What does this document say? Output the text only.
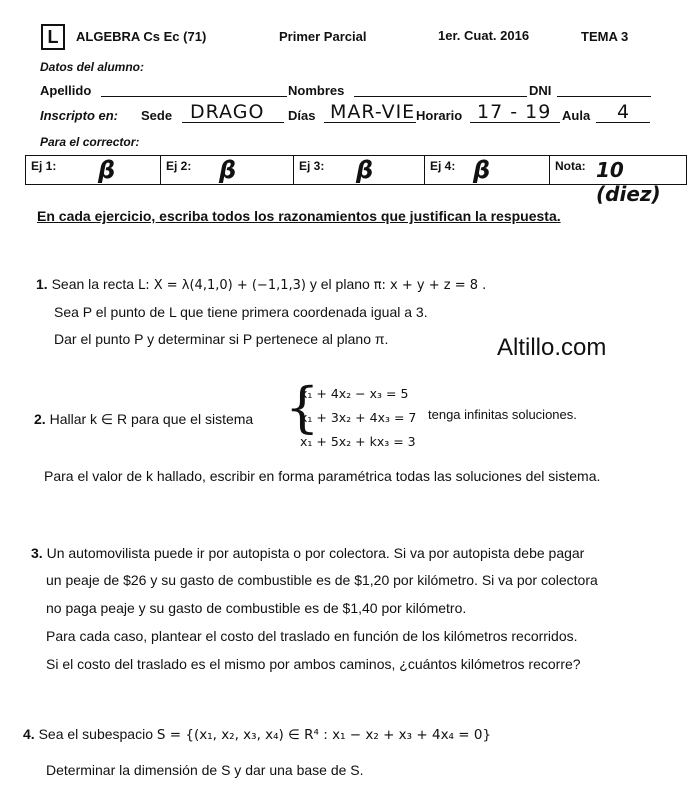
L	ALGEBRA Cs Ec (71)	Primer Parcial	1er. Cuat. 2016	TEMA 3
Datos del alumno:
Apellido	Nombres	DNI
Inscripto en: Sede DRAGO Días MAR-VIE Horario 17 - 19 Aula 4
Para el corrector:
Ej 1: β	Ej 2: β	Ej 3: β	Ej 4: β	Nota: 10 (diez)
En cada ejercicio, escriba todos los razonamientos que justifican la respuesta.
1. Sean la recta L: X = λ(4,1,0) + (−1,1,3) y el plano π: x + y + z = 8 .
Sea P el punto de L que tiene primera coordenada igual a 3.
Dar el punto P y determinar si P pertenece al plano π.	Altillo.com
2. Hallar k ∈ R para que el sistema {
x₁ + 4x₂ − x₃ = 5
x₁ + 3x₂ + 4x₃ = 7
x₁ + 5x₂ + kx₃ = 3
tenga infinitas soluciones.
Para el valor de k hallado, escribir en forma paramétrica todas las soluciones del sistema.
3. Un automovilista puede ir por autopista o por colectora. Si va por autopista debe pagar
un peaje de $26 y su gasto de combustible es de $1,20 por kilómetro. Si va por colectora
no paga peaje y su gasto de combustible es de $1,40 por kilómetro.
Para cada caso, plantear el costo del traslado en función de los kilómetros recorridos.
Si el costo del traslado es el mismo por ambos caminos, ¿cuántos kilómetros recorre?
4. Sea el subespacio S = {(x₁, x₂, x₃, x₄) ∈ R⁴ : x₁ − x₂ + x₃ + 4x₄ = 0}
Determinar la dimensión de S y dar una base de S.
